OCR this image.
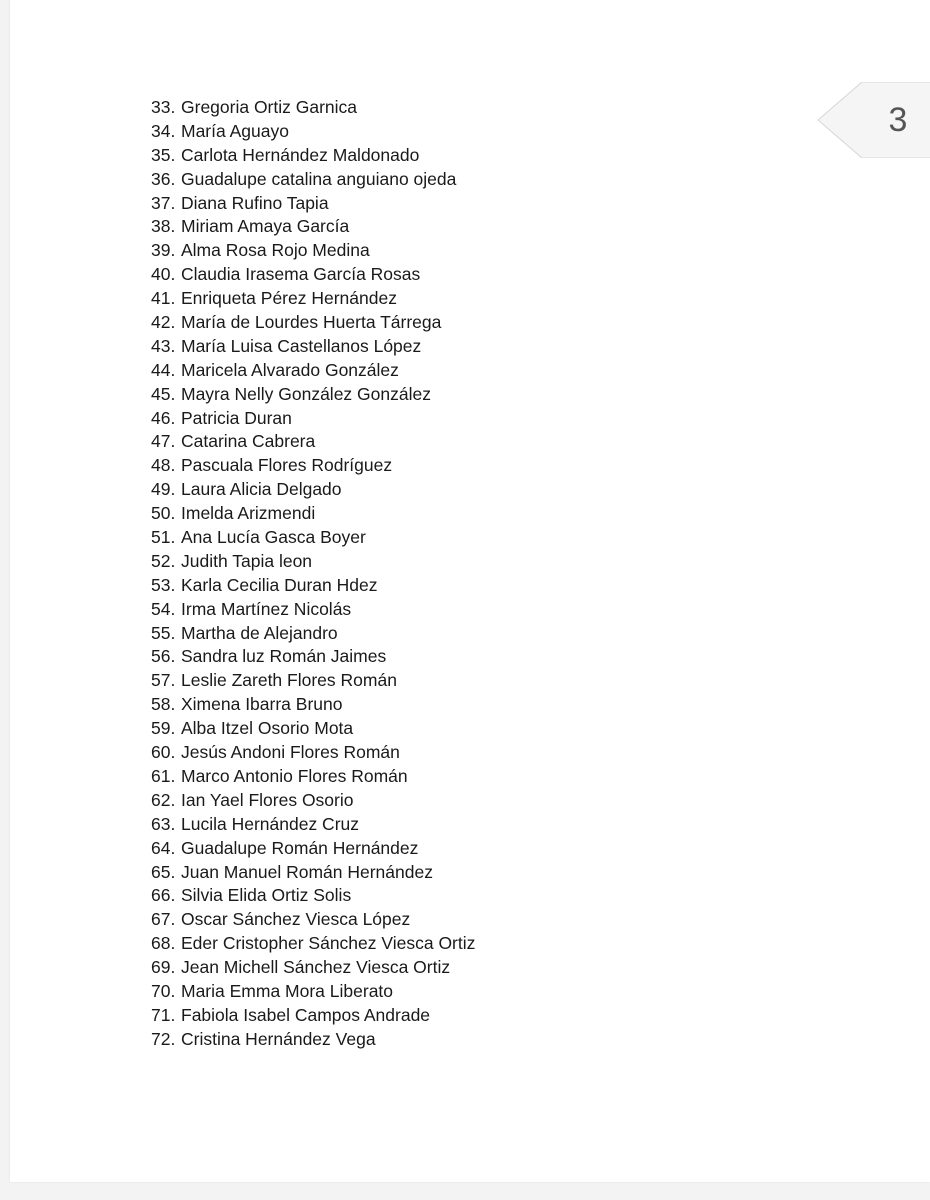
3
33. Gregoria Ortiz Garnica
34. María Aguayo
35. Carlota Hernández Maldonado
36. Guadalupe catalina anguiano ojeda
37. Diana Rufino Tapia
38. Miriam Amaya García
39. Alma Rosa Rojo Medina
40. Claudia Irasema García Rosas
41. Enriqueta Pérez Hernández
42. María de Lourdes Huerta Tárrega
43. María Luisa Castellanos López
44. Maricela Alvarado González
45. Mayra Nelly González González
46. Patricia Duran
47. Catarina Cabrera
48. Pascuala Flores Rodríguez
49. Laura Alicia Delgado
50. Imelda Arizmendi
51. Ana Lucía Gasca Boyer
52. Judith Tapia leon
53. Karla Cecilia Duran Hdez
54. Irma Martínez Nicolás
55. Martha de Alejandro
56. Sandra luz Román Jaimes
57. Leslie Zareth Flores Román
58. Ximena Ibarra Bruno
59. Alba Itzel Osorio Mota
60. Jesús Andoni Flores Román
61. Marco Antonio Flores Román
62. Ian Yael Flores Osorio
63. Lucila Hernández Cruz
64. Guadalupe Román Hernández
65. Juan Manuel Román Hernández
66. Silvia Elida Ortiz Solis
67. Oscar Sánchez Viesca López
68. Eder Cristopher Sánchez Viesca Ortiz
69. Jean Michell Sánchez Viesca Ortiz
70. Maria Emma Mora Liberato
71. Fabiola Isabel Campos Andrade
72. Cristina Hernández Vega
